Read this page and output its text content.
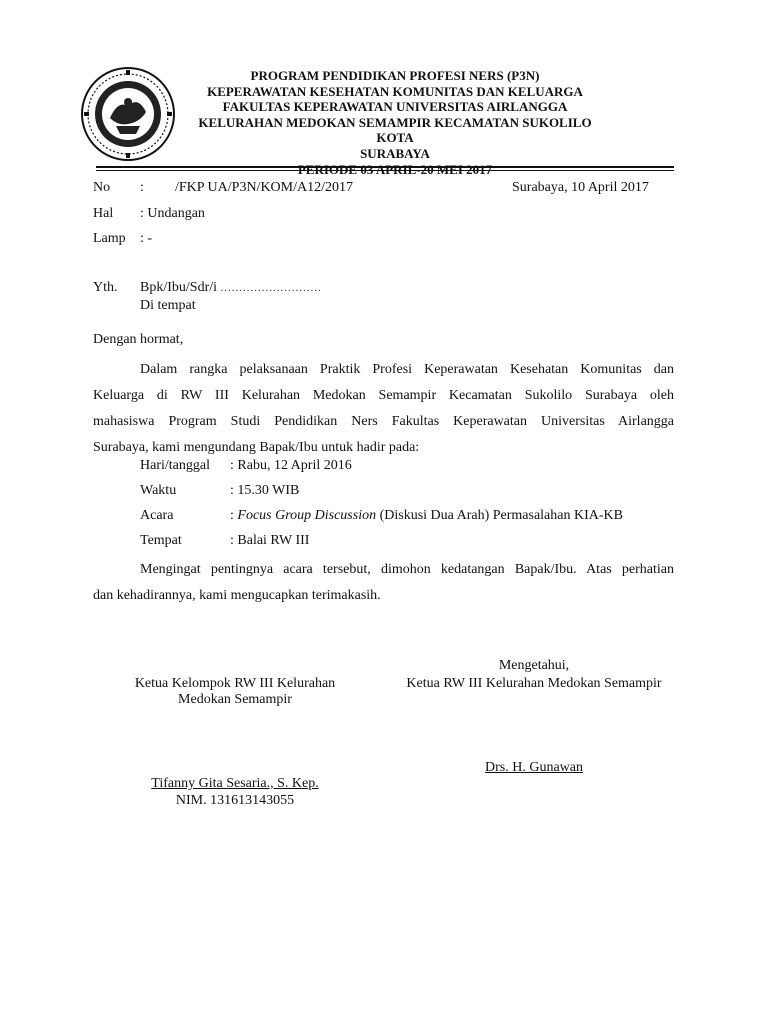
PROGRAM PENDIDIKAN PROFESI NERS (P3N)
KEPERAWATAN KESEHATAN KOMUNITAS DAN KELUARGA
FAKULTAS KEPERAWATAN UNIVERSITAS AIRLANGGA
KELURAHAN MEDOKAN SEMAMPIR KECAMATAN SUKOLILO KOTA
SURABAYA
PERIODE 03 APRIL-20 MEI 2017
No : /FKP UA/P3N/KOM/A12/2017	Surabaya, 10 April 2017
Hal : Undangan
Lamp : -
Yth. Bpk/Ibu/Sdr/i ...........................
Di tempat
Dengan hormat,
Dalam rangka pelaksanaan Praktik Profesi Keperawatan Kesehatan Komunitas dan
Keluarga di RW III Kelurahan Medokan Semampir Kecamatan Sukolilo Surabaya oleh
mahasiswa Program Studi Pendidikan Ners Fakultas Keperawatan Universitas Airlangga
Surabaya, kami mengundang Bapak/Ibu untuk hadir pada:
Hari/tanggal : Rabu, 12 April 2016
Waktu	: 15.30 WIB
Acara	: Focus Group Discussion (Diskusi Dua Arah) Permasalahan KIA-KB
Tempat	: Balai RW III
Mengingat pentingnya acara tersebut, dimohon kedatangan Bapak/Ibu. Atas perhatian
dan kehadirannya, kami mengucapkan terimakasih.
Mengetahui,
Ketua RW III Kelurahan Medokan Semampir
Ketua Kelompok RW III Kelurahan
Medokan Semampir
Drs. H. Gunawan
Tifanny Gita Sesaria., S. Kep.
NIM. 131613143055
